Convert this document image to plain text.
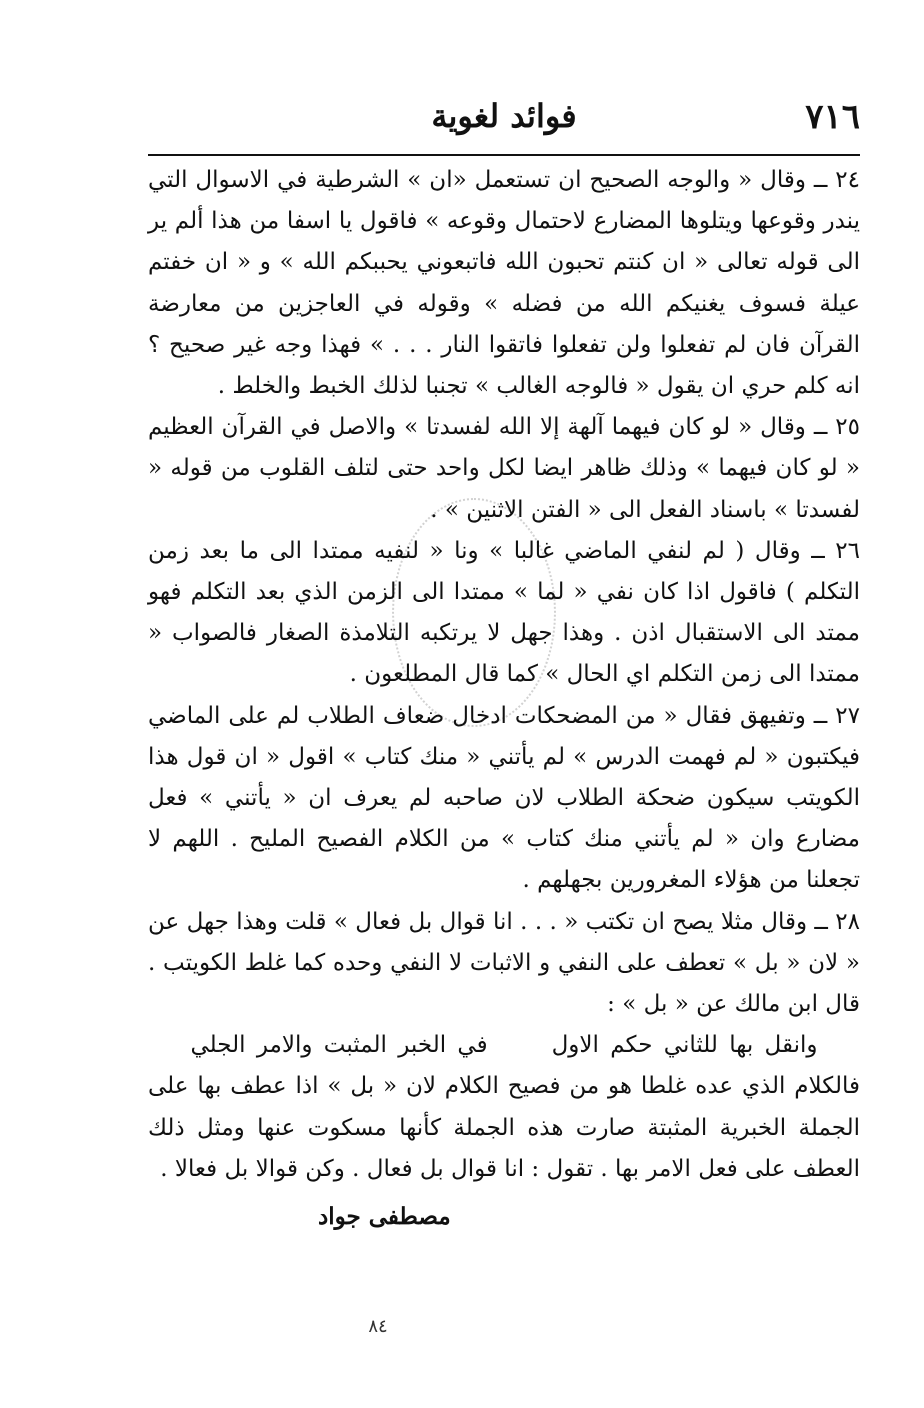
٧١٦
فوائد لغوية

٢٤ ــ وقال « والوجه الصحيح ان تستعمل «ان » الشرطية في الاسوال التي يندر وقوعها ويتلوها المضارع لاحتمال وقوعه » فاقول يا اسفا من هذا ألم ير الى قوله تعالى « ان كنتم تحبون الله فاتبعوني يحببكم الله » و « ان خفتم عيلة فسوف يغنيكم الله من فضله » وقوله في العاجزين من معارضة القرآن فان لم تفعلوا ولن تفعلوا فاتقوا النار . . . » فهذا وجه غير صحيح ؟ انه كلم حري ان يقول « فالوجه الغالب » تجنبا لذلك الخبط والخلط .

٢٥ ــ وقال « لو كان فيهما آلهة إلا الله لفسدتا » والاصل في القرآن العظيم « لو كان فيهما » وذلك ظاهر ايضا لكل واحد حتى لتلف القلوب من قوله « لفسدتا » باسناد الفعل الى « الفتن الاثنين » .

٢٦ ــ وقال ( لم لنفي الماضي غالبا » ونا « لنفيه ممتدا الى ما بعد زمن التكلم ) فاقول اذا كان نفي « لما » ممتدا الى الزمن الذي بعد التكلم فهو ممتد الى الاستقبال اذن . وهذا جهل لا يرتكبه التلامذة الصغار فالصواب « ممتدا الى زمن التكلم اي الحال » كما قال المطلعون .

٢٧ ــ وتفيهق فقال « من المضحكات ادخال ضعاف الطلاب لم على الماضي فيكتبون « لم فهمت الدرس » لم يأتني « منك كتاب » اقول « ان قول هذا الكويتب سيكون ضحكة الطلاب لان صاحبه لم يعرف ان « يأتني » فعل مضارع وان « لم يأتني منك كتاب » من الكلام الفصيح المليح . اللهم لا تجعلنا من هؤلاء المغرورين بجهلهم .

٢٨ ــ وقال مثلا يصح ان تكتب « . . . انا قوال بل فعال » قلت وهذا جهل عن « لان « بل » تعطف على النفي و الاثبات لا النفي وحده كما غلط الكويتب . قال ابن مالك عن « بل » :

وانقل بها للثاني حكم الاولفي الخبر المثبت والامر الجلي

فالكلام الذي عده غلطا هو من فصيح الكلام لان « بل » اذا عطف بها على الجملة الخبرية المثبتة صارت هذه الجملة كأنها مسكوت عنها ومثل ذلك العطف على فعل الامر بها . تقول : انا قوال بل فعال . وكن قوالا بل فعالا .

مصطفى جواد

٨٤
